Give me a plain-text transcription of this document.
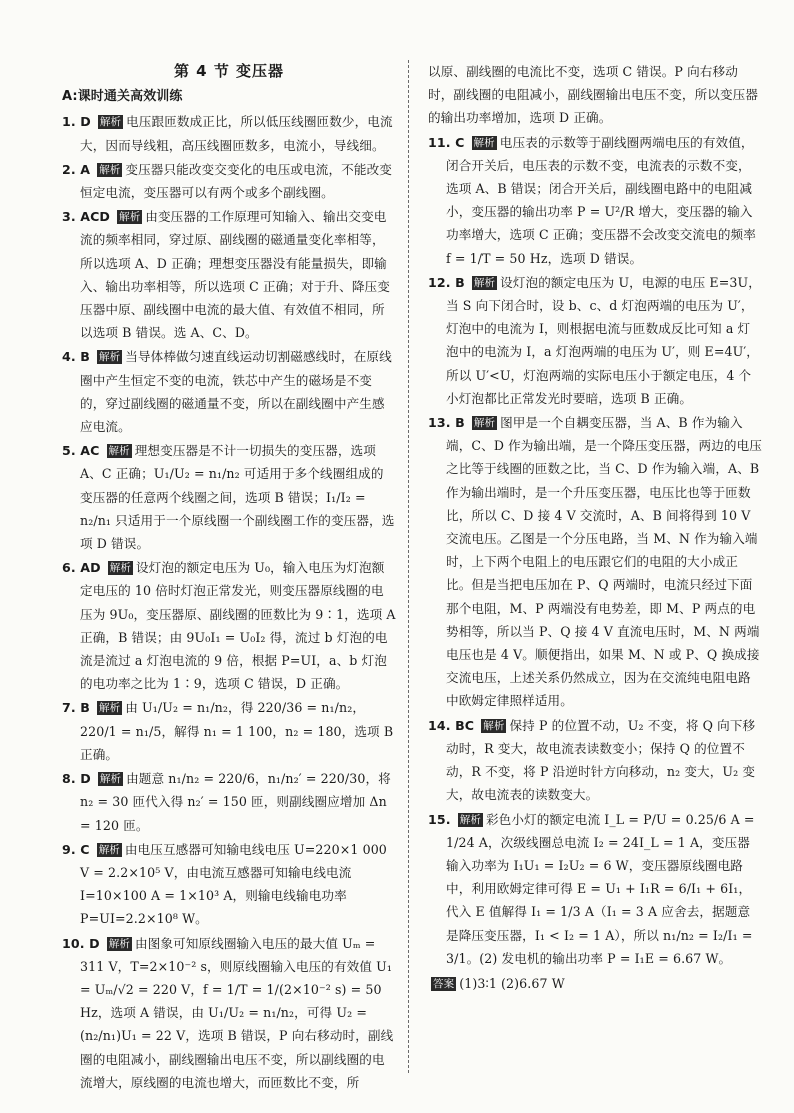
第 4 节 变压器
A:课时通关高效训练
1. D 解析 电压跟匝数成正比，所以低压线圈匝数少，电流大，因而导线粗，高压线圈匝数多，电流小，导线细。
2. A 解析 变压器只能改变交变化的电压或电流，不能改变恒定电流，变压器可以有两个或多个副线圈。
3. ACD 解析 由变压器的工作原理可知输入、输出交变电流的频率相同，穿过原、副线圈的磁通量变化率相等，所以选项 A、D 正确；理想变压器没有能量损失，即输入、输出功率相等，所以选项 C 正确；对于升、降压变压器中原、副线圈中电流的最大值、有效值不相同，所以选项 B 错误。选 A、C、D。
4. B 解析 当导体棒做匀速直线运动切割磁感线时，在原线圈中产生恒定不变的电流，铁芯中产生的磁场是不变的，穿过副线圈的磁通量不变，所以在副线圈中产生感应电流。
5. AC 解析 理想变压器是不计一切损失的变压器，选项 A、C 正确；U₁/U₂ = n₁/n₂ 可适用于多个线圈组成的变压器的任意两个线圈之间，选项 B 错误；I₁/I₂ = n₂/n₁ 只适用于一个原线圈一个副线圈工作的变压器，选项 D 错误。
6. AD 解析 设灯泡的额定电压为 U₀，输入电压为灯泡额定电压的 10 倍时灯泡正常发光，则变压器原线圈的电压为 9U₀，变压器原、副线圈的匝数比为 9∶1，选项 A 正确，B 错误；由 9U₀I₁ = U₀I₂ 得，流过 b 灯泡的电流是流过 a 灯泡电流的 9 倍，根据 P=UI，a、b 灯泡的电功率之比为 1∶9，选项 C 错误，D 正确。
7. B 解析 由 U₁/U₂ = n₁/n₂，得 220/36 = n₁/n₂，220/1 = n₁/5，解得 n₁ = 1 100，n₂ = 180，选项 B 正确。
8. D 解析 由题意 n₁/n₂ = 220/6，n₁/n₂′ = 220/30，将 n₂ = 30 匝代入得 n₂′ = 150 匝，则副线圈应增加 Δn = 120 匝。
9. C 解析 由电压互感器可知输电线电压 U=220×1 000 V = 2.2×10⁵ V，由电流互感器可知输电线电流 I=10×100 A = 1×10³ A，则输电线输电功率 P=UI=2.2×10⁸ W。
10. D 解析 由图象可知原线圈输入电压的最大值 Uₘ = 311 V，T=2×10⁻² s，则原线圈输入电压的有效值 U₁ = Uₘ/√2 = 220 V，f = 1/T = 1/(2×10⁻² s) = 50 Hz，选项 A 错误，由 U₁/U₂ = n₁/n₂，可得 U₂ = (n₂/n₁)U₁ = 22 V，选项 B 错误，P 向右移动时，副线圈的电阻减小，副线圈输出电压不变，所以副线圈的电流增大，原线圈的电流也增大，而匝数比不变，所
以原、副线圈的电流比不变，选项 C 错误。P 向右移动时，副线圈的电阻减小，副线圈输出电压不变，所以变压器的输出功率增加，选项 D 正确。
11. C 解析 电压表的示数等于副线圈两端电压的有效值，闭合开关后，电压表的示数不变，电流表的示数不变，选项 A、B 错误；闭合开关后，副线圈电路中的电阻减小，变压器的输出功率 P = U²/R 增大，变压器的输入功率增大，选项 C 正确；变压器不会改变交流电的频率 f = 1/T = 50 Hz，选项 D 错误。
12. B 解析 设灯泡的额定电压为 U，电源的电压 E=3U，当 S 向下闭合时，设 b、c、d 灯泡两端的电压为 U′，灯泡中的电流为 I，则根据电流与匝数成反比可知 a 灯泡中的电流为 I，a 灯泡两端的电压为 U′，则 E=4U′，所以 U′<U，灯泡两端的实际电压小于额定电压，4 个小灯泡都比正常发光时要暗，选项 B 正确。
13. B 解析 图甲是一个自耦变压器，当 A、B 作为输入端，C、D 作为输出端，是一个降压变压器，两边的电压之比等于线圈的匝数之比，当 C、D 作为输入端，A、B 作为输出端时，是一个升压变压器，电压比也等于匝数比，所以 C、D 接 4 V 交流时，A、B 间将得到 10 V 交流电压。乙图是一个分压电路，当 M、N 作为输入端时，上下两个电阻上的电压跟它们的电阻的大小成正比。但是当把电压加在 P、Q 两端时，电流只经过下面那个电阻，M、P 两端没有电势差，即 M、P 两点的电势相等，所以当 P、Q 接 4 V 直流电压时，M、N 两端电压也是 4 V。顺便指出，如果 M、N 或 P、Q 换成接交流电压，上述关系仍然成立，因为在交流纯电阻电路中欧姆定律照样适用。
14. BC 解析 保持 P 的位置不动，U₂ 不变，将 Q 向下移动时，R 变大，故电流表读数变小；保持 Q 的位置不动，R 不变，将 P 沿逆时针方向移动，n₂ 变大，U₂ 变大，故电流表的读数变大。
15. 解析 彩色小灯的额定电流 I_L = P/U = 0.25/6 A = 1/24 A，次级线圈总电流 I₂ = 24I_L = 1 A，变压器输入功率为 I₁U₁ = I₂U₂ = 6 W，变压器原线圈电路中，利用欧姆定律可得 E = U₁ + I₁R = 6/I₁ + 6I₁，代入 E 值解得 I₁ = 1/3 A（I₁ = 3 A 应舍去，据题意是降压变压器，I₁ < I₂ = 1 A），所以 n₁/n₂ = I₂/I₁ = 3/1。(2) 发电机的输出功率 P = I₁E = 6.67 W。
答案 (1)3∶1 (2)6.67 W
